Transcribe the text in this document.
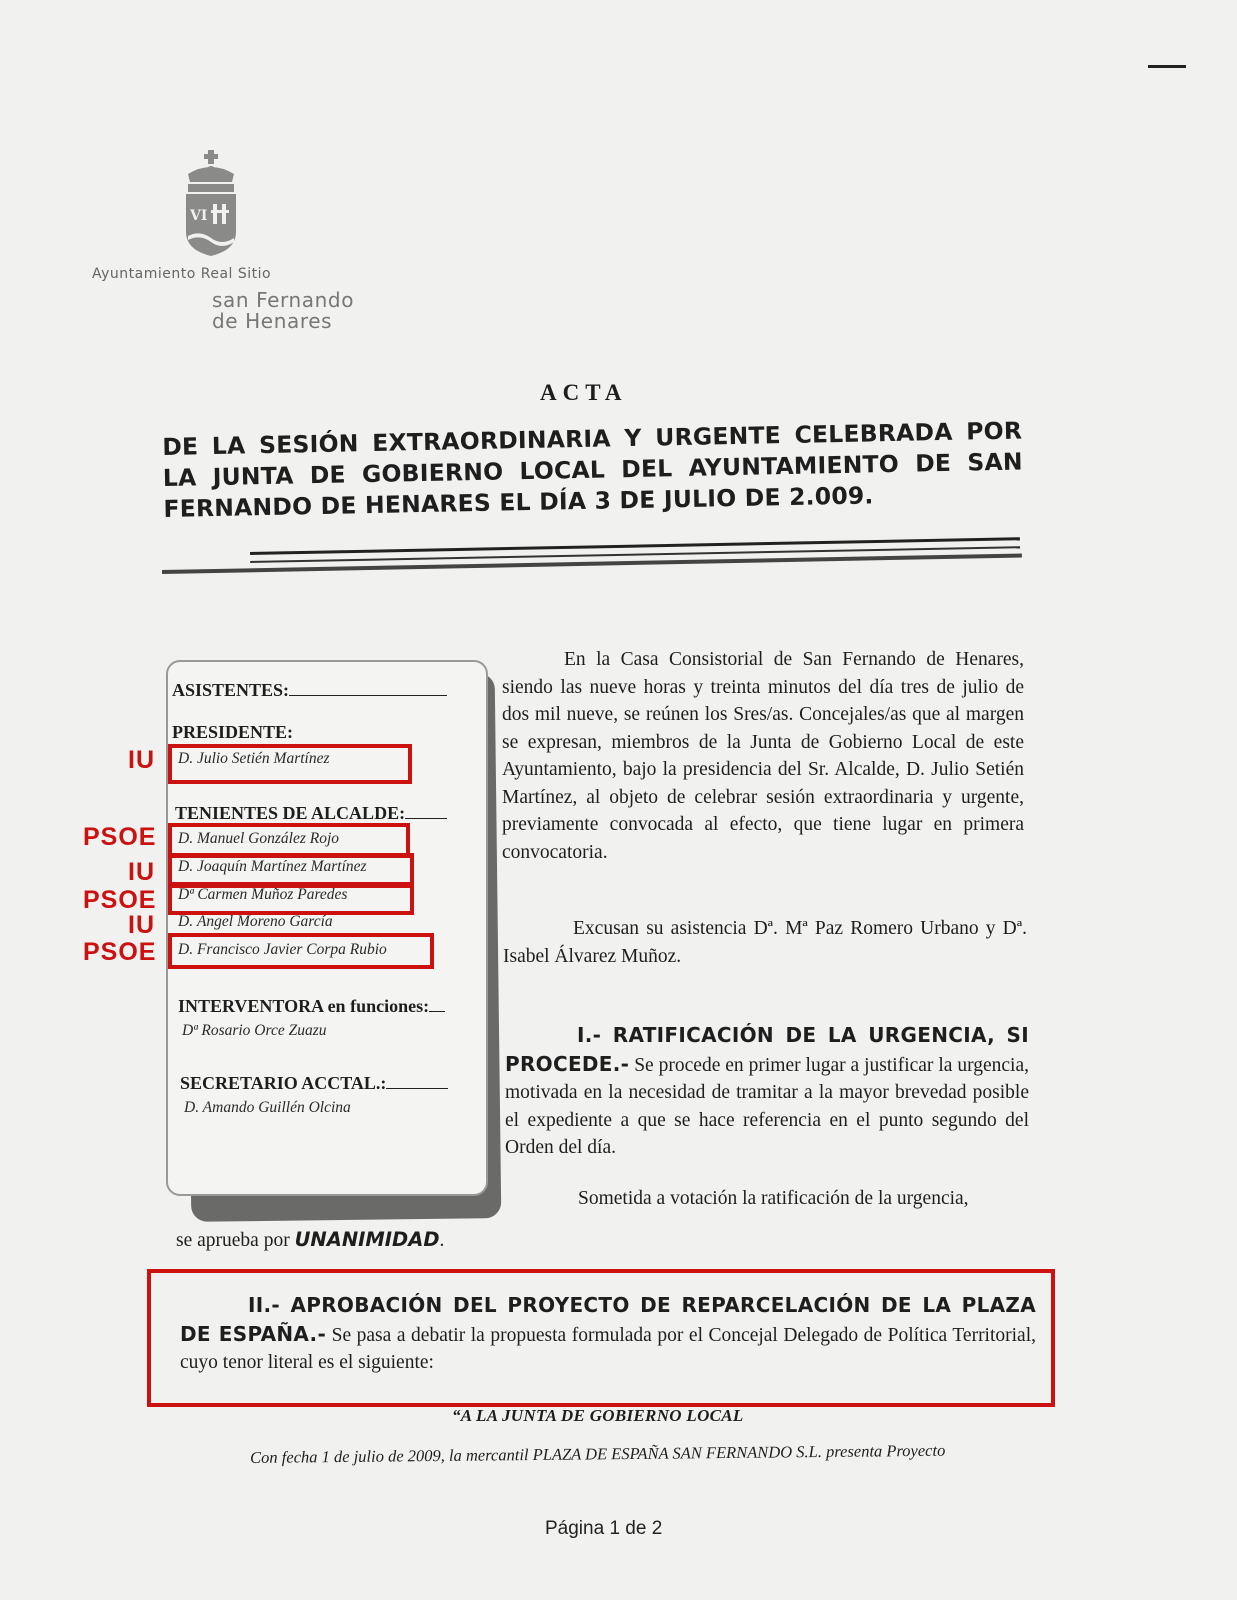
VI
Ayuntamiento Real Sitio
san Fernando
de Henares
ACTA
DE LA SESIÓN EXTRAORDINARIA Y URGENTE CELEBRADA POR LA JUNTA DE GOBIERNO LOCAL DEL AYUNTAMIENTO DE SAN FERNANDO DE HENARES EL DÍA 3 DE JULIO DE 2.009.
ASISTENTES:
PRESIDENTE:
D. Julio Setién Martínez
TENIENTES DE ALCALDE:
D. Manuel González Rojo
D. Joaquín Martínez Martínez
Dª Carmen Muñoz Paredes
D. Ángel Moreno García
D. Francisco Javier Corpa Rubio
INTERVENTORA en funciones:
Dª Rosario Orce Zuazu
SECRETARIO ACCTAL.:
D. Amando Guillén Olcina
IU
PSOE
IU
PSOE
IU
PSOE
En la Casa Consistorial de San Fernando de Henares, siendo las nueve horas y treinta minutos del día tres de julio de dos mil nueve, se reúnen los Sres/as. Concejales/as que al margen se expresan, miembros de la Junta de Gobierno Local de este Ayuntamiento, bajo la presidencia del Sr. Alcalde, D. Julio Setién Martínez, al objeto de celebrar sesión extraordinaria y urgente, previamente convocada al efecto, que tiene lugar en primera convocatoria.
Excusan su asistencia Dª. Mª Paz Romero Urbano y Dª. Isabel Álvarez Muñoz.
I.- RATIFICACIÓN DE LA URGENCIA, SI PROCEDE.- Se procede en primer lugar a justificar la urgencia, motivada en la necesidad de tramitar a la mayor brevedad posible el expediente a que se hace referencia en el punto segundo del Orden del día.
Sometida a votación la ratificación de la urgencia,
se aprueba por UNANIMIDAD.
II.- APROBACIÓN DEL PROYECTO DE REPARCELACIÓN DE LA PLAZA DE ESPAÑA.- Se pasa a debatir la propuesta formulada por el Concejal Delegado de Política Territorial, cuyo tenor literal es el siguiente:
“A LA JUNTA DE GOBIERNO LOCAL
Con fecha 1 de julio de 2009, la mercantil PLAZA DE ESPAÑA SAN FERNANDO S.L. presenta Proyecto
Página 1 de 2
